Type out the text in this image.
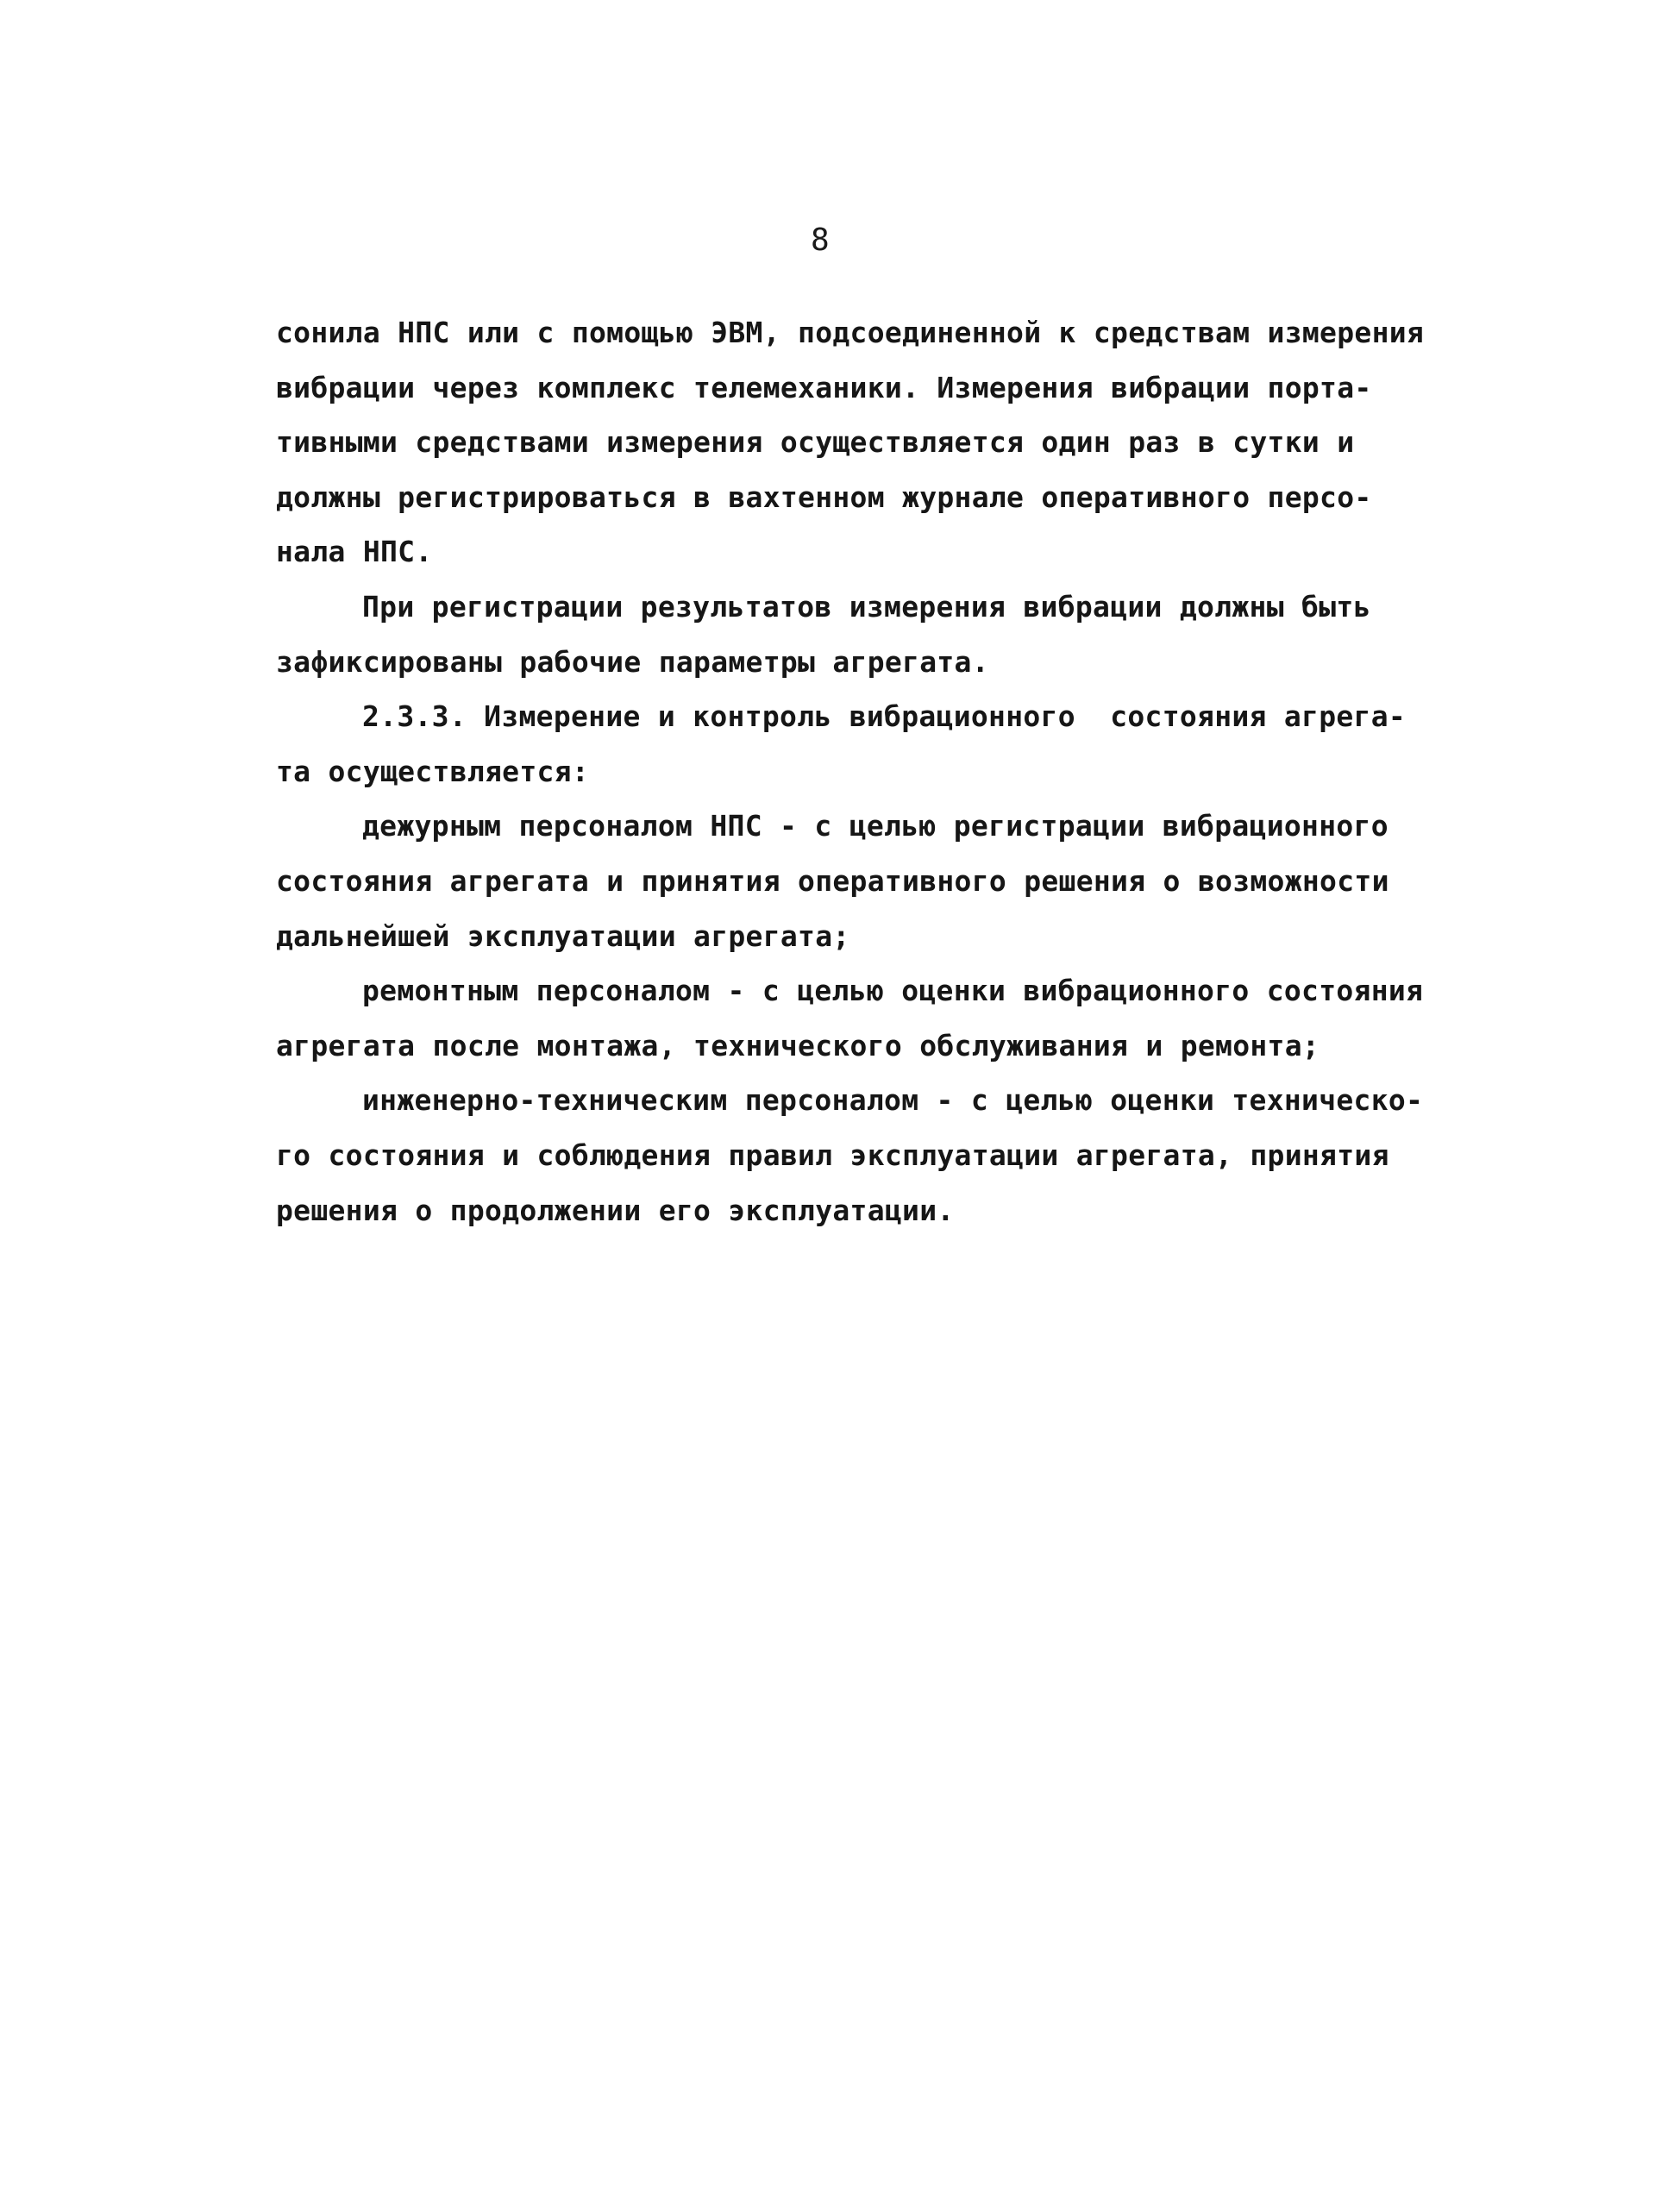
8
сонила НПС или с помощью ЭВМ, подсоединенной к средствам измерения
вибрации через комплекс телемеханики. Измерения вибрации порта-
тивными средствами измерения осуществляется один раз в сутки и
должны регистрироваться в вахтенном журнале оперативного персо-
нала НПС.
При регистрации результатов измерения вибрации должны быть
зафиксированы рабочие параметры агрегата.
2.3.3. Измерение и контроль вибрационного  состояния агрега-
та осуществляется:
дежурным персоналом НПС - с целью регистрации вибрационного
состояния агрегата и принятия оперативного решения о возможности
дальнейшей эксплуатации агрегата;
ремонтным персоналом - с целью оценки вибрационного состояния
агрегата после монтажа, технического обслуживания и ремонта;
инженерно-техническим персоналом - с целью оценки техническо-
го состояния и соблюдения правил эксплуатации агрегата, принятия
решения о продолжении его эксплуатации.
